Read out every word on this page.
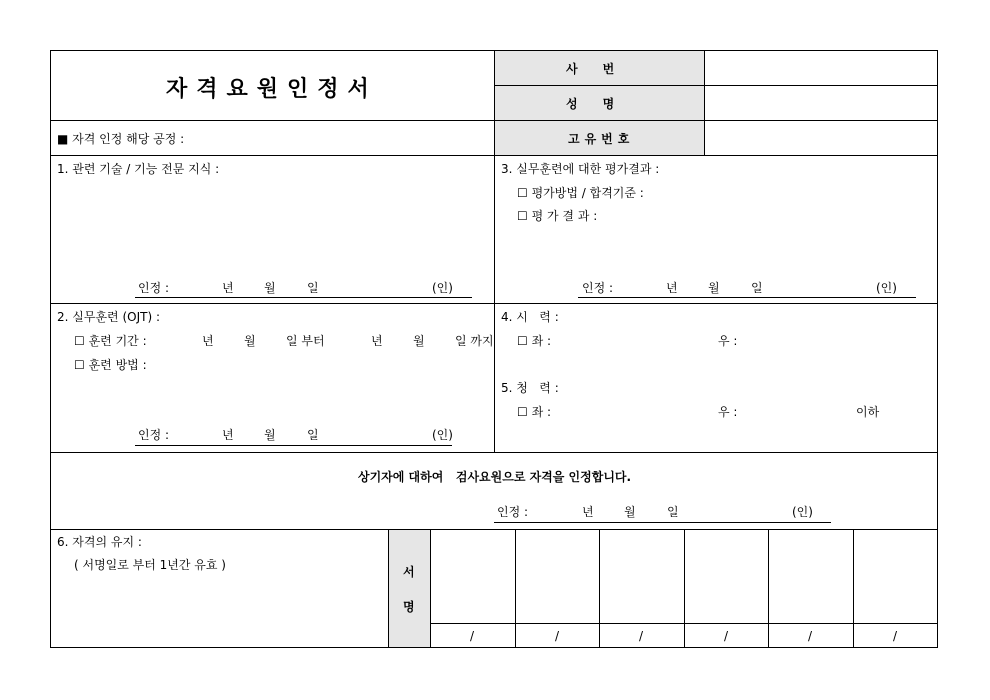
자격요원인정서
사      번
성      명
고유번호
■ 자격 인정 해당 공정 :
1. 관련 기술 / 기능 전문 지식 :
인정 :	년	월	일	(인)
3. 실무훈련에 대한 평가결과 :
☐ 평가방법 / 합격기준 :
☐ 평 가 결 과 :
인정 :	년	월	일	(인)
2. 실무훈련 (OJT) :
☐ 훈련 기간 :	년	월	일 부터	년	월	일 까지
☐ 훈련 방법 :
인정 :	년	월	일	(인)
4. 시   력 :
☐ 좌 :	우 :
5. 청   력 :
☐ 좌 :	우 :	이하
상기자에 대하여   검사요원으로 자격을 인정합니다.
인정 :	년	월	일	(인)
6. 자격의 유지 :
( 서명일로 부터 1년간 유효 )	서
명
/	/	/	/	/	/
